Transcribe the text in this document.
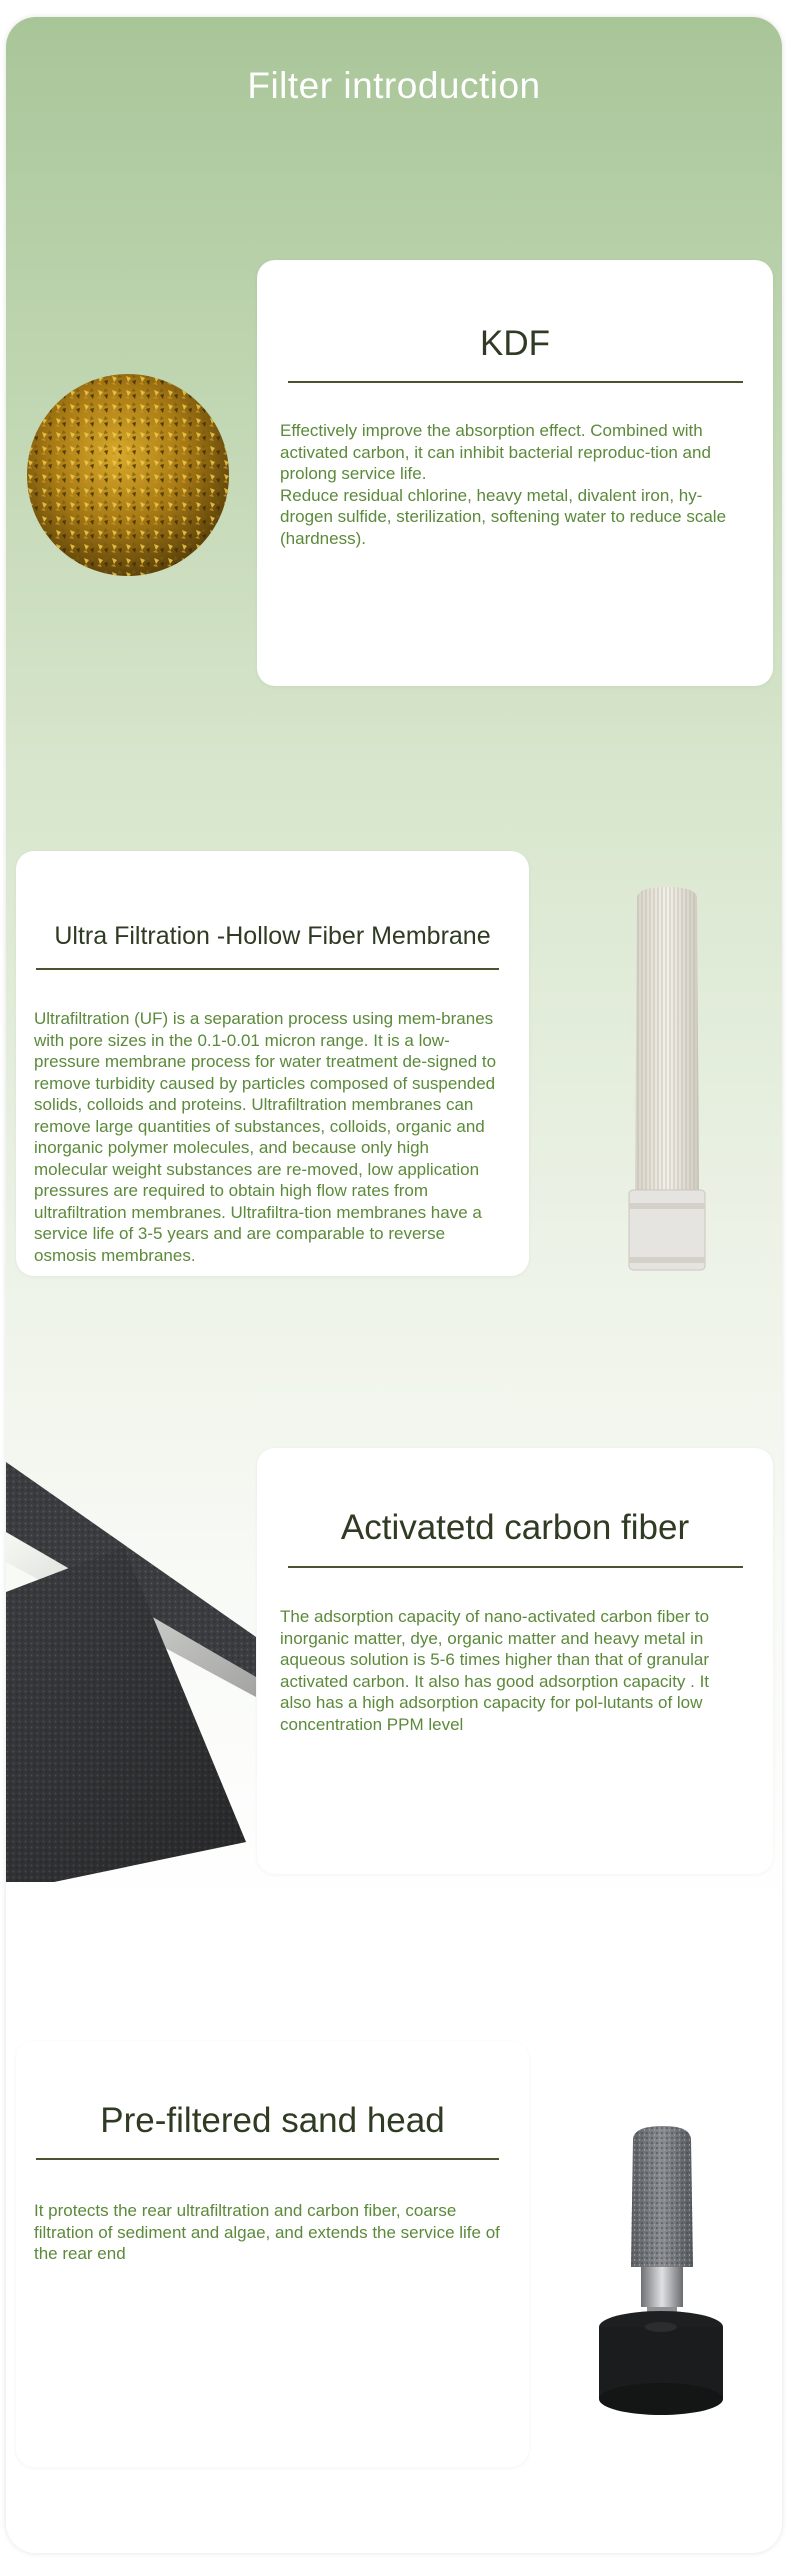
Filter introduction
KDF

Effectively improve the absorption effect. Combined with activated carbon, it can inhibit bacterial reproduc-tion and prolong service life.

Reduce residual chlorine, heavy metal, divalent iron, hy-drogen sulfide, sterilization, softening water to reduce scale (hardness).

Ultra Filtration -Hollow Fiber Membrane

Ultrafiltration (UF) is a separation process using mem-branes with pore sizes in the 0.1-0.01 micron range. It is a low-pressure membrane process for water treatment de-signed to remove turbidity caused by particles composed of suspended solids, colloids and proteins. Ultrafiltration membranes can remove large quantities of substances, colloids, organic and inorganic polymer molecules, and because only high molecular weight substances are re-moved, low application pressures are required to obtain high flow rates from ultrafiltration membranes. Ultrafiltra-tion membranes have a service life of 3-5 years and are comparable to reverse osmosis membranes.

Activatetd carbon fiber

The adsorption capacity of nano-activated carbon fiber to inorganic matter, dye, organic matter and heavy metal in aqueous solution is 5-6 times higher than that of granular activated carbon. It also has good adsorption capacity . It also has a high adsorption capacity for pol-lutants of low concentration PPM level

Pre-filtered sand head

It protects the rear ultrafiltration and carbon fiber, coarse filtration of sediment and algae, and extends the service life of the rear end
